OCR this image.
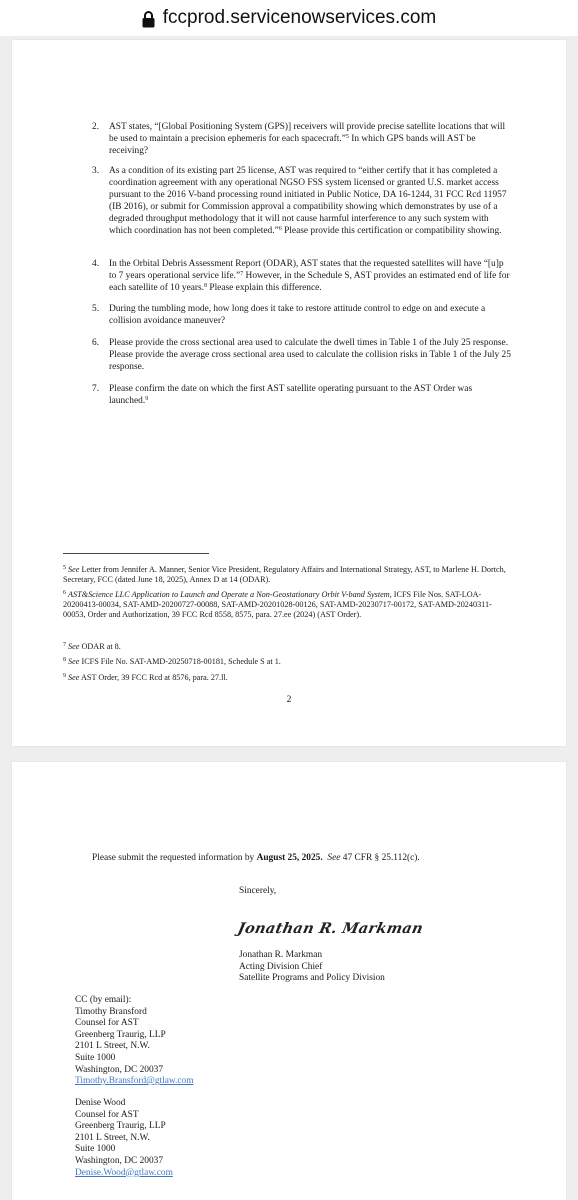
fccprod.servicenowservices.com
2. AST states, “[Global Positioning System (GPS)] receivers will provide precise satellite locations that will be used to maintain a precision ephemeris for each spacecraft.”$^5$ In which GPS bands will AST be receiving?
3. As a condition of its existing part 25 license, AST was required to “either certify that it has completed a coordination agreement with any operational NGSO FSS system licensed or granted U.S. market access pursuant to the 2016 V-band processing round initiated in Public Notice, DA 16-1244, 31 FCC Rcd 11957 (IB 2016), or submit for Commission approval a compatibility showing which demonstrates by use of a degraded throughput methodology that it will not cause harmful interference to any such system with which coordination has not been completed.”$^6$ Please provide this certification or compatibility showing.
4. In the Orbital Debris Assessment Report (ODAR), AST states that the requested satellites will have “[u]p to 7 years operational service life.”$^7$ However, in the Schedule S, AST provides an estimated end of life for each satellite of 10 years.$^8$ Please explain this difference.
5. During the tumbling mode, how long does it take to restore attitude control to edge on and execute a collision avoidance maneuver?
6. Please provide the cross sectional area used to calculate the dwell times in Table 1 of the July 25 response. Please provide the average cross sectional area used to calculate the collision risks in Table 1 of the July 25 response.
7. Please confirm the date on which the first AST satellite operating pursuant to the AST Order was launched.$^9$
$^5$ See Letter from Jennifer A. Manner, Senior Vice President, Regulatory Affairs and International Strategy, AST, to Marlene H. Dortch, Secretary, FCC (dated June 18, 2025), Annex D at 14 (ODAR).
$^6$ AST&Science LLC Application to Launch and Operate a Non-Geostationary Orbit V-band System, ICFS File Nos. SAT-LOA-20200413-00034, SAT-AMD-20200727-00088, SAT-AMD-20201028-00126, SAT-AMD-20230717-00172, SAT-AMD-20240311-00053, Order and Authorization, 39 FCC Rcd 8558, 8575, para. 27.ee (2024) (AST Order).
$^7$ See ODAR at 8.
$^8$ See ICFS File No. SAT-AMD-20250718-00181, Schedule S at 1.
$^9$ See AST Order, 39 FCC Rcd at 8576, para. 27.ll.
2
Please submit the requested information by August 25, 2025. See 47 CFR § 25.112(c).
Sincerely,
Jonathan R. Markman
Jonathan R. Markman
Acting Division Chief
Satellite Programs and Policy Division
CC (by email):
Timothy Bransford
Counsel for AST
Greenberg Traurig, LLP
2101 L Street, N.W.
Suite 1000
Washington, DC 20037
Timothy.Bransford@gtlaw.com
Denise Wood
Counsel for AST
Greenberg Traurig, LLP
2101 L Street, N.W.
Suite 1000
Washington, DC 20037
Denise.Wood@gtlaw.com
